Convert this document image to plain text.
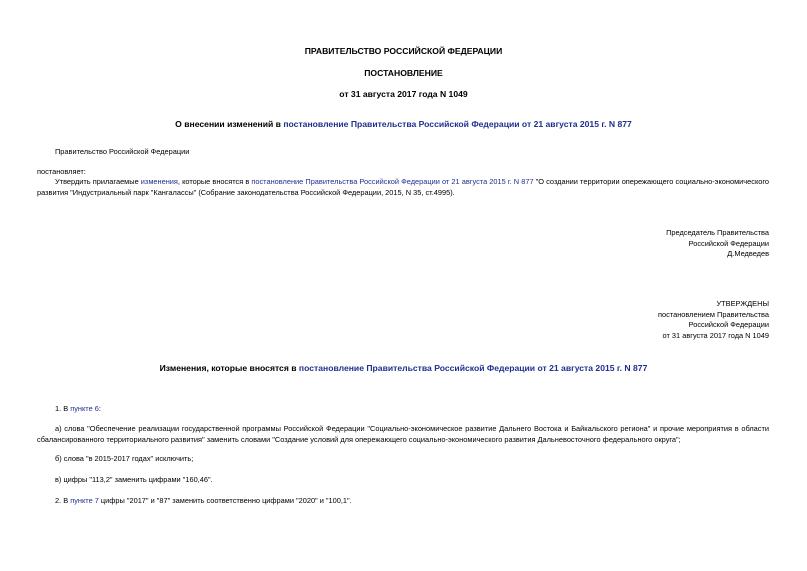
ПРАВИТЕЛЬСТВО РОССИЙСКОЙ ФЕДЕРАЦИИ
ПОСТАНОВЛЕНИЕ
от 31 августа 2017 года N 1049
О внесении изменений в постановление Правительства Российской Федерации от 21 августа 2015 г. N 877
Правительство Российской Федерации
постановляет:
Утвердить прилагаемые изменения, которые вносятся в постановление Правительства Российской Федерации от 21 августа 2015 г. N 877 "О создании территории опережающего социально-экономического развития "Индустриальный парк "Кангалассы" (Собрание законодательства Российской Федерации, 2015, N 35, ст.4995).
Председатель Правительства
Российской Федерации
Д.Медведев
УТВЕРЖДЕНЫ
постановлением Правительства
Российской Федерации
от 31 августа 2017 года N 1049
Изменения, которые вносятся в постановление Правительства Российской Федерации от 21 августа 2015 г. N 877
1. В пункте 6:
а) слова "Обеспечение реализации государственной программы Российской Федерации "Социально-экономическое развитие Дальнего Востока и Байкальского региона" и прочие мероприятия в области сбалансированного территориального развития" заменить словами "Создание условий для опережающего социально-экономического развития Дальневосточного федерального округа";
б) слова "в 2015-2017 годах" исключить;
в) цифры "113,2" заменить цифрами "160,46".
2. В пункте 7 цифры "2017" и "87" заменить соответственно цифрами "2020" и "100,1".
